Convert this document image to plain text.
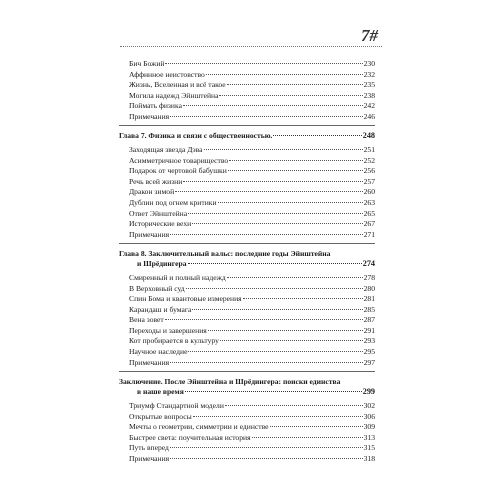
7#
Бич Божий	230
Аффинное неистовство	232
Жизнь, Вселенная и всё такое	235
Могила надежд Эйнштейна	238
Поймать физика	242
Примечания	246
Глава 7. Физика и связи с общественностью.	248
Заходящая звезда Дэва	251
Асимметричное товарищество	252
Подарок от чертовой бабушки	256
Речь всей жизни	257
Дракон зимой	260
Дублин под огнем критики	263
Ответ Эйнштейна	265
Исторические вехи	267
Примечания	271
Глава 8. Заключительный вальс: последние годы Эйнштейна
и Шрёдингера	274
Смиренный и полный надежд	278
В Верховный суд	280
Спин Бома и квантовые измерения	281
Карандаш и бумага	285
Вена зовет	287
Переходы и завершения	291
Кот пробирается в культуру	293
Научное наследие	295
Примечания	297
Заключение. После Эйнштейна и Шрёдингера: поиски единства
в наше время	299
Триумф Стандартной модели	302
Открытые вопросы	306
Мечты о геометрии, симметрии и единстве	309
Быстрее света: поучительная история	313
Путь вперед	315
Примечания	318
